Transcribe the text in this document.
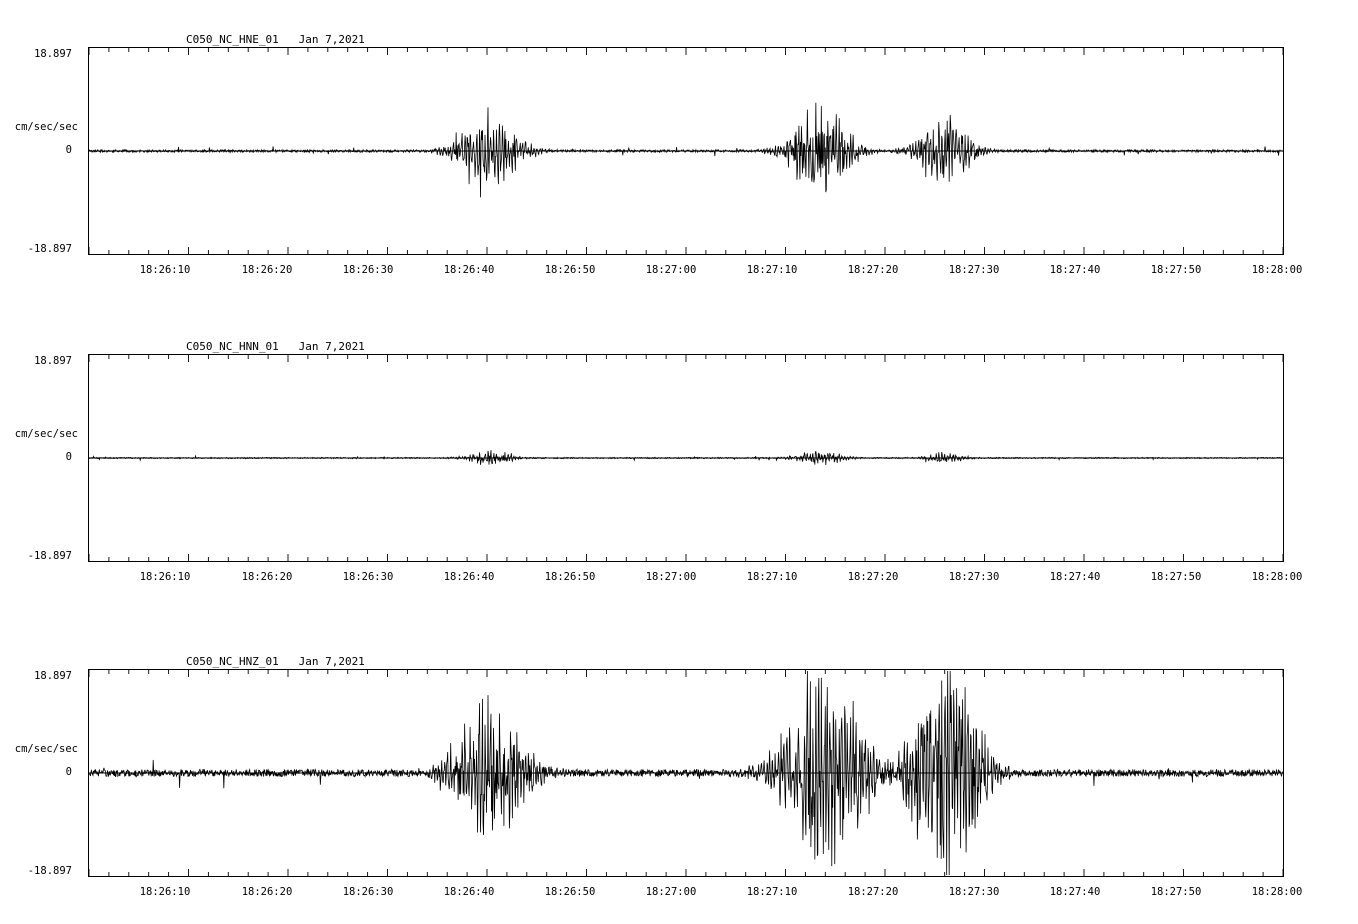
C050_NC_HNE_01   Jan 7,2021
18.897
cm/sec/sec
0
-18.897
18:26:10	18:26:20	18:26:30	18:26:40	18:26:50	18:27:00	18:27:10	18:27:20	18:27:30	18:27:40	18:27:50	18:28:00
C050_NC_HNN_01   Jan 7,2021
18.897
cm/sec/sec
0
-18.897
18:26:10	18:26:20	18:26:30	18:26:40	18:26:50	18:27:00	18:27:10	18:27:20	18:27:30	18:27:40	18:27:50	18:28:00
C050_NC_HNZ_01   Jan 7,2021
18.897
cm/sec/sec
0
-18.897
18:26:10	18:26:20	18:26:30	18:26:40	18:26:50	18:27:00	18:27:10	18:27:20	18:27:30	18:27:40	18:27:50	18:28:00
